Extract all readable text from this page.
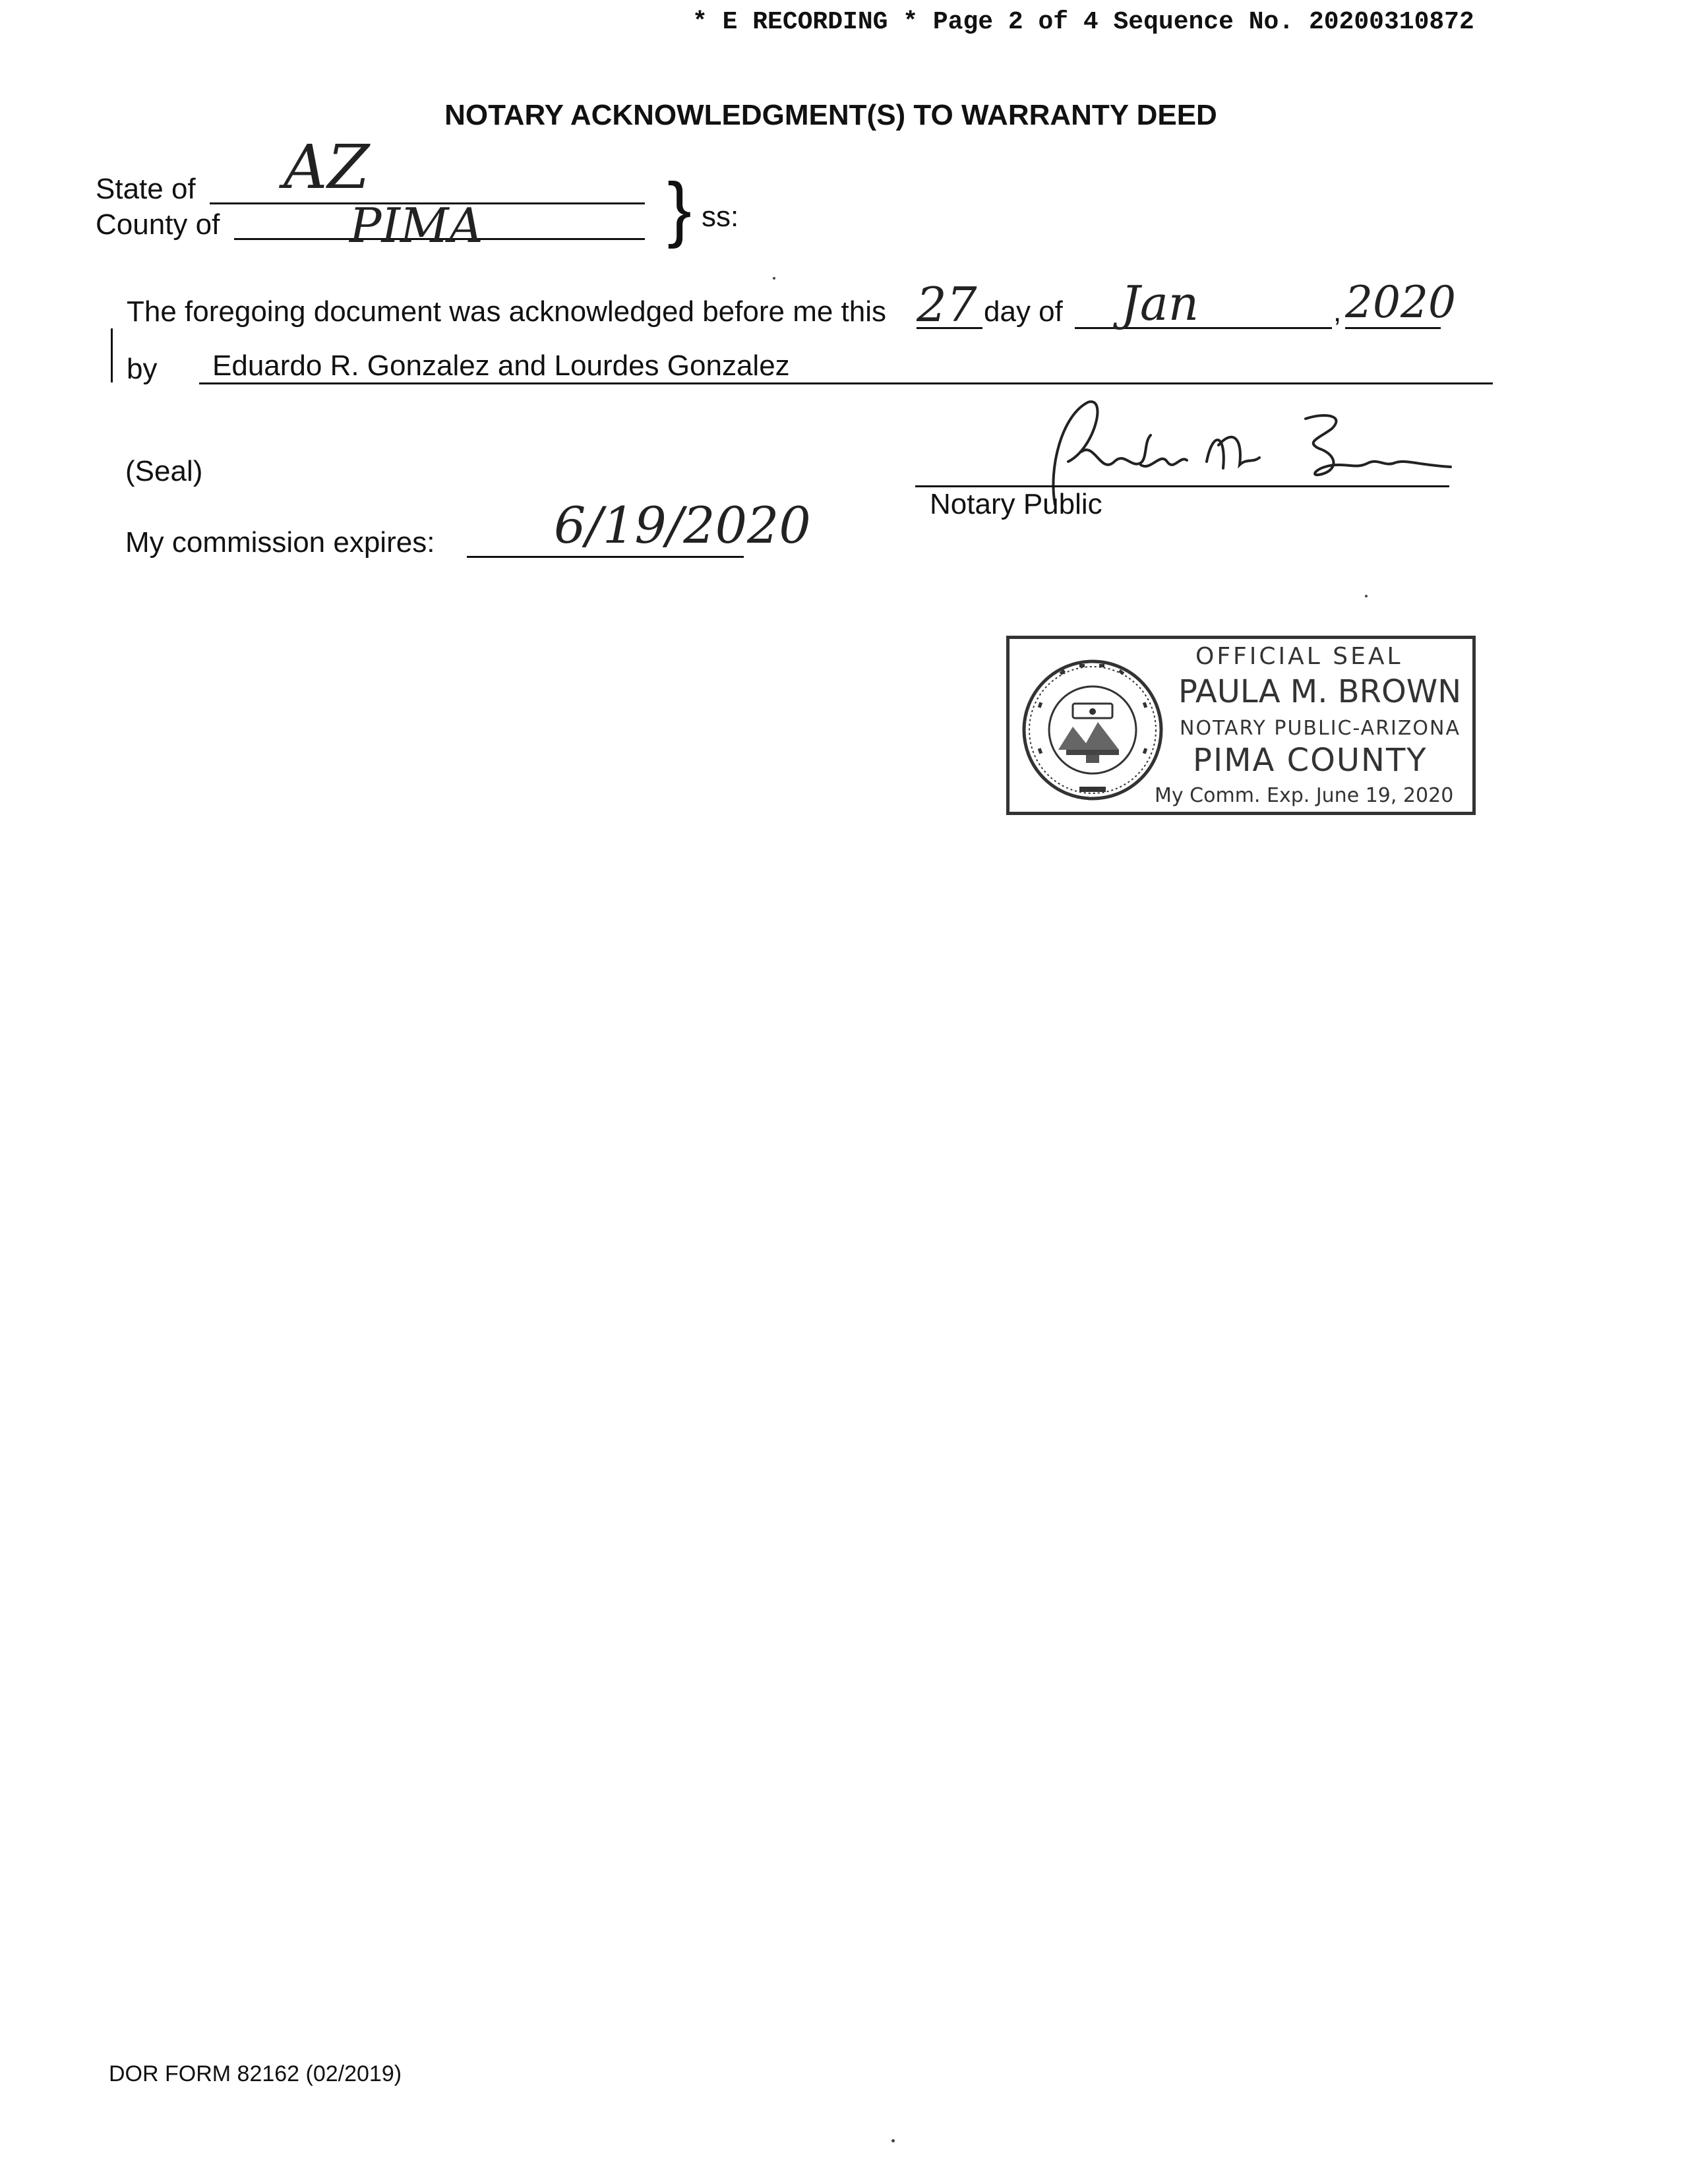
* E RECORDING * Page 2 of 4 Sequence No. 20200310872
NOTARY ACKNOWLEDGMENT(S) TO WARRANTY DEED
State of AZ
County of	PIMA	} ss:
The foregoing document was acknowledged before me this 27 day of Jan	, 2020
by Eduardo R. Gonzalez and Lourdes Gonzalez
(Seal)
Notary Public
My commission expires: 6/19/2020
OFFICIAL SEAL
PAULA M. BROWN
NOTARY PUBLIC-ARIZONA
PIMA COUNTY
My Comm. Exp. June 19, 2020
DOR FORM 82162 (02/2019)
